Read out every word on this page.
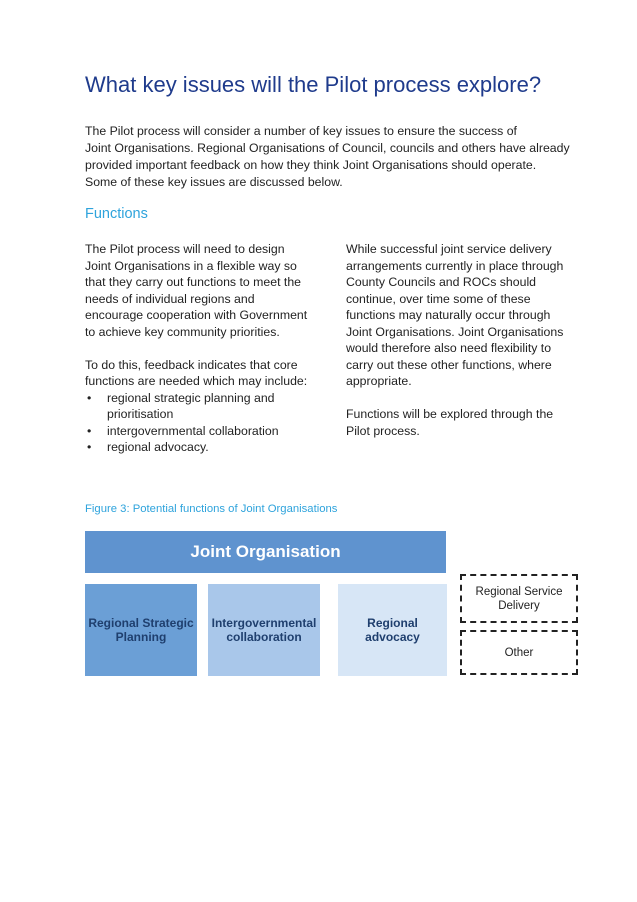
What key issues will the Pilot process explore?
The Pilot process will consider a number of key issues to ensure the success of
Joint Organisations. Regional Organisations of Council, councils and others have already
provided important feedback on how they think Joint Organisations should operate.
Some of these key issues are discussed below.
Functions

The Pilot process will need to design
Joint Organisations in a flexible way so
that they carry out functions to meet the
needs of individual regions and
encourage cooperation with Government
to achieve key community priorities.

To do this, feedback indicates that core
functions are needed which may include:

• regional strategic planning and
prioritisation
• intergovernmental collaboration
• regional advocacy.

While successful joint service delivery
arrangements currently in place through
County Councils and ROCs should
continue, over time some of these
functions may naturally occur through
Joint Organisations. Joint Organisations
would therefore also need flexibility to
carry out these other functions, where
appropriate.

Functions will be explored through the
Pilot process.

Figure 3: Potential functions of Joint Organisations
Joint Organisation
Regional Strategic
Planning
Intergovernmental
collaboration
Regional
advocacy
Regional Service
Delivery
Other
